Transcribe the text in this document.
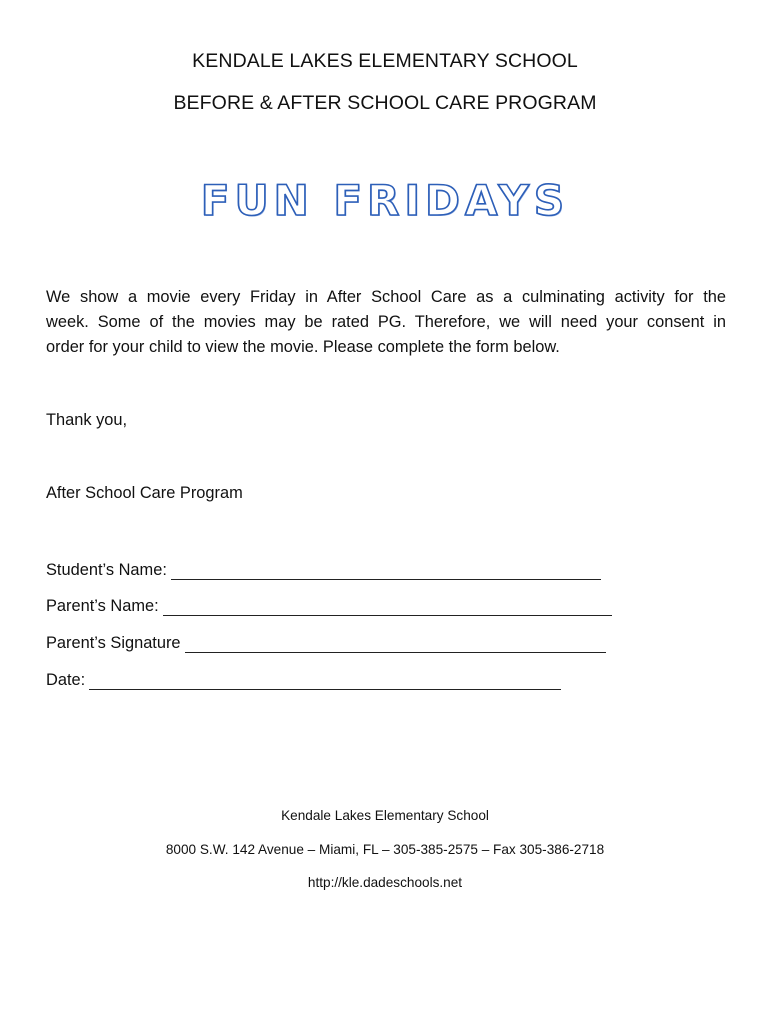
KENDALE LAKES ELEMENTARY SCHOOL
BEFORE & AFTER SCHOOL CARE PROGRAM
FUN FRIDAYS
We show a movie every Friday in After School Care as a culminating activity for the
week. Some of the movies may be rated PG. Therefore, we will need your consent in
order for your child to view the movie. Please complete the form below.
Thank you,
After School Care Program
Student’s Name:
Parent’s Name:
Parent’s Signature
Date:
Kendale Lakes Elementary School
8000 S.W. 142 Avenue – Miami, FL – 305-385-2575 – Fax 305-386-2718
http://kle.dadeschools.net
